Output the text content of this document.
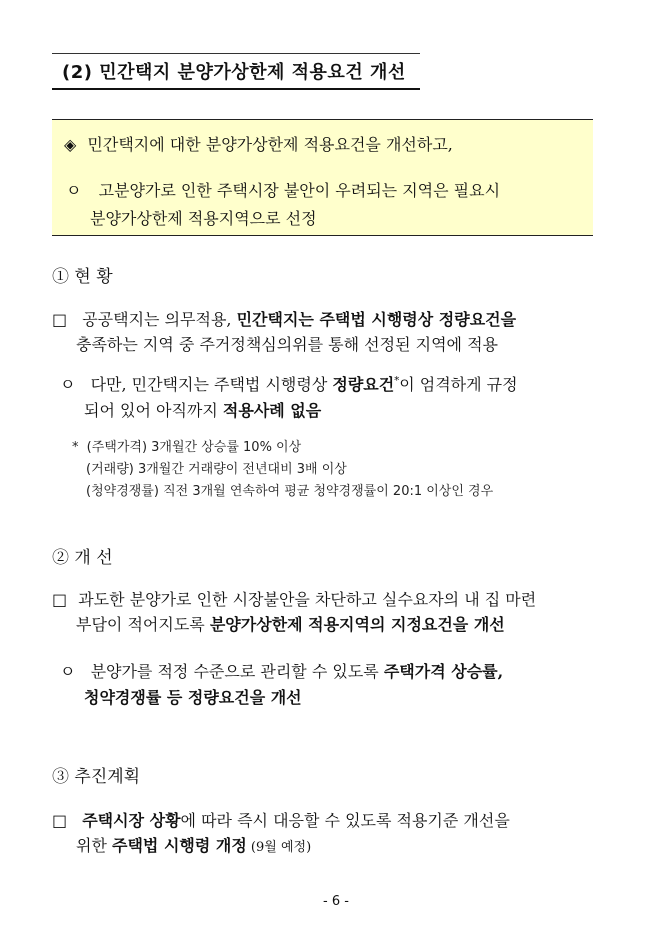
(2) 민간택지 분양가상한제 적용요건 개선
◈ 민간택지에 대한 분양가상한제 적용요건을 개선하고,
ㅇ 고분양가로 인한 주택시장 불안이 우려되는 지역은 필요시
분양가상한제 적용지역으로 선정
① 현 황
□ 공공택지는 의무적용, 민간택지는 주택법 시행령상 정량요건을
충족하는 지역 중 주거정책심의위를 통해 선정된 지역에 적용
ㅇ 다만, 민간택지는 주택법 시행령상 정량요건*이 엄격하게 규정
되어 있어 아직까지 적용사례 없음
* (주택가격) 3개월간 상승률 10% 이상
(거래량) 3개월간 거래량이 전년대비 3배 이상
(청약경쟁률) 직전 3개월 연속하여 평균 청약경쟁률이 20:1 이상인 경우
② 개 선
□ 과도한 분양가로 인한 시장불안을 차단하고 실수요자의 내 집 마련
부담이 적어지도록 분양가상한제 적용지역의 지정요건을 개선
ㅇ 분양가를 적정 수준으로 관리할 수 있도록 주택가격 상승률,
청약경쟁률 등 정량요건을 개선
③ 추진계획
□ 주택시장 상황에 따라 즉시 대응할 수 있도록 적용기준 개선을
위한 주택법 시행령 개정 (9월 예정)
- 6 -
